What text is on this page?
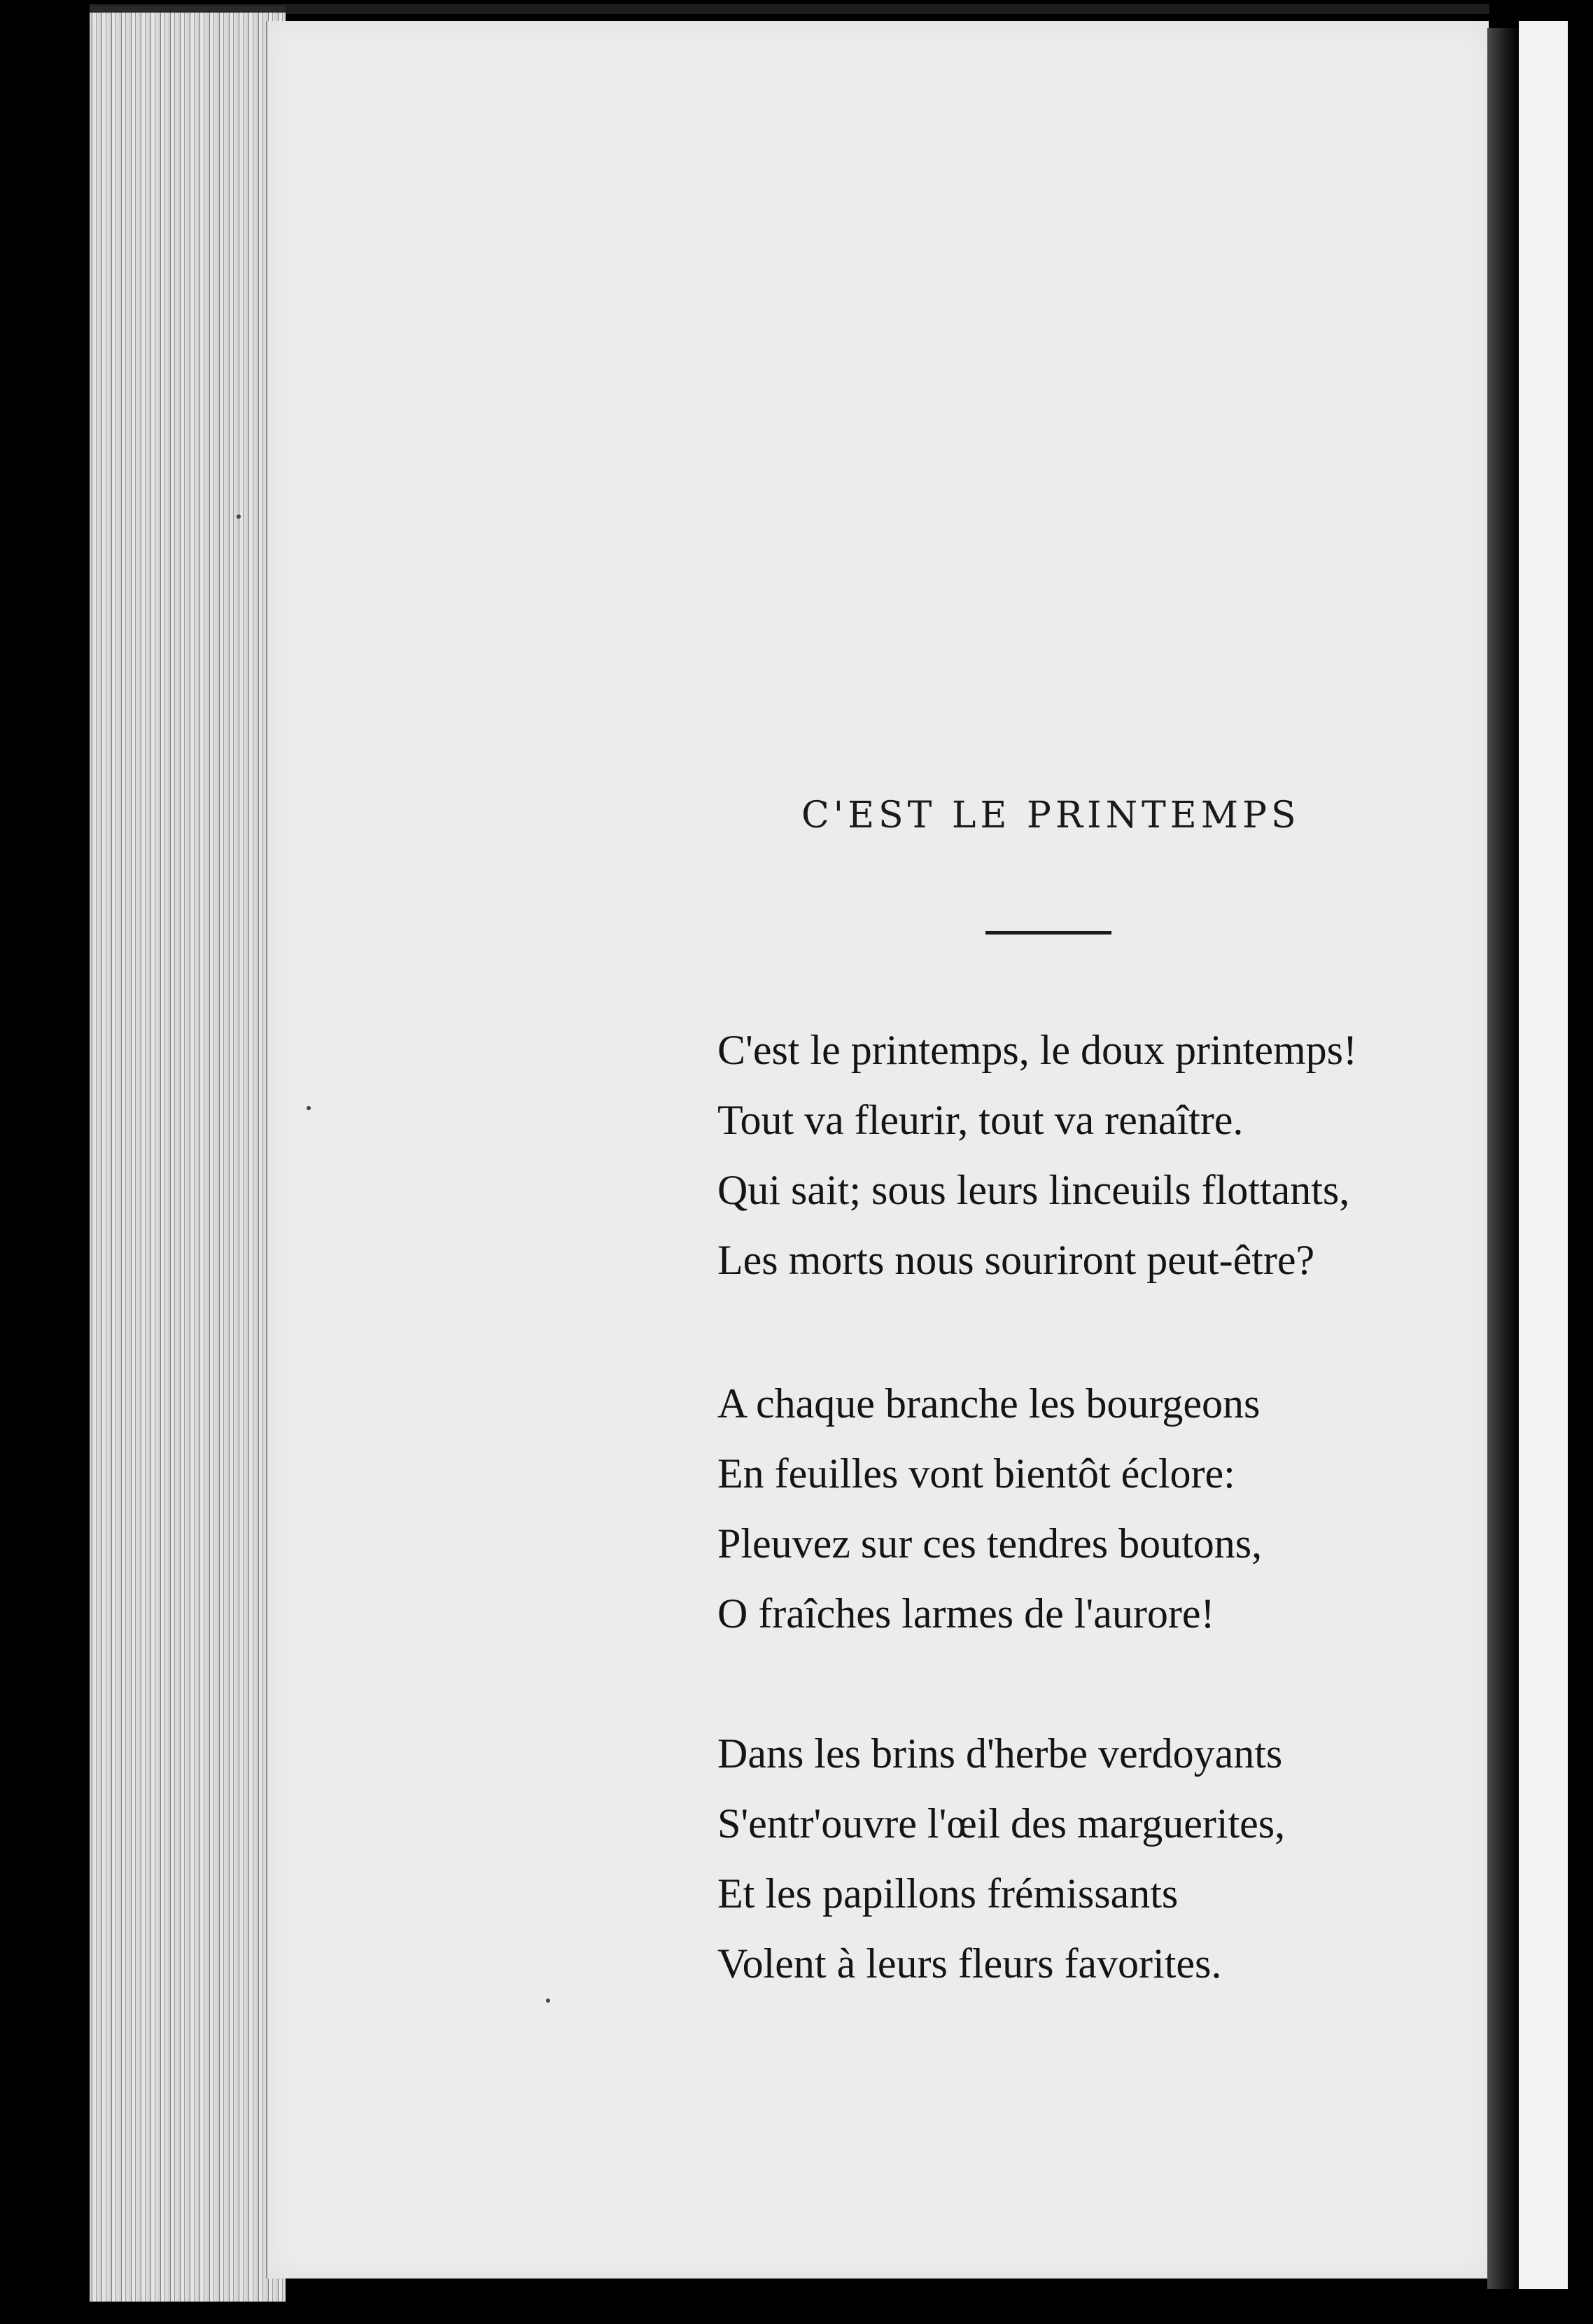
C'EST LE PRINTEMPS
C'est le printemps, le doux printemps!
Tout va fleurir, tout va renaître.
Qui sait; sous leurs linceuils flottants,
Les morts nous souriront peut-être?
A chaque branche les bourgeons
En feuilles vont bientôt éclore:
Pleuvez sur ces tendres boutons,
O fraîches larmes de l'aurore!
Dans les brins d'herbe verdoyants
S'entr'ouvre l'œil des marguerites,
Et les papillons frémissants
Volent à leurs fleurs favorites.
